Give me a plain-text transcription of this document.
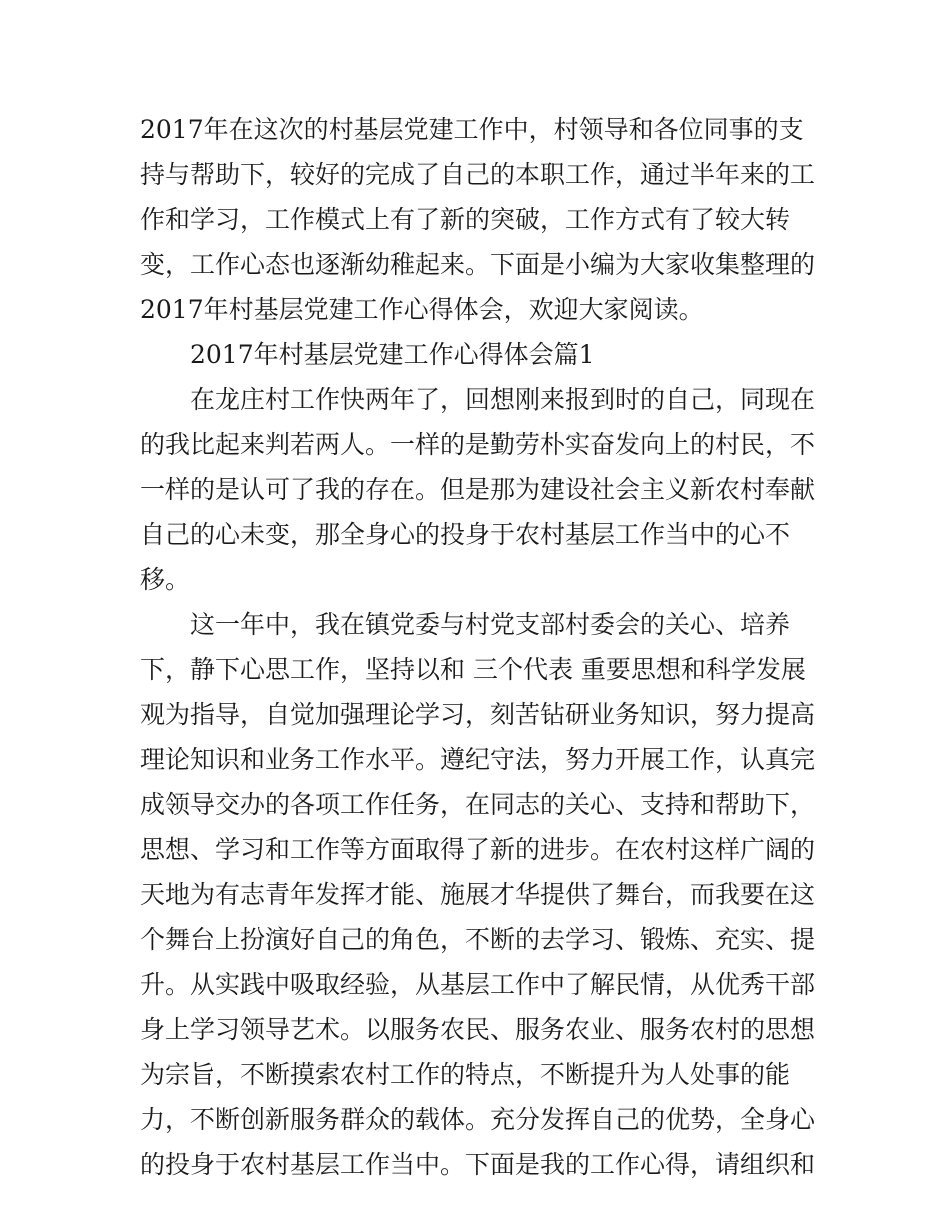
2017年在这次的村基层党建工作中，村领导和各位同事的支
持与帮助下，较好的完成了自己的本职工作，通过半年来的工
作和学习，工作模式上有了新的突破，工作方式有了较大转
变，工作心态也逐渐幼稚起来。下面是小编为大家收集整理的
2017年村基层党建工作心得体会，欢迎大家阅读。
2017年村基层党建工作心得体会篇1
在龙庄村工作快两年了，回想刚来报到时的自己，同现在
的我比起来判若两人。一样的是勤劳朴实奋发向上的村民，不
一样的是认可了我的存在。但是那为建设社会主义新农村奉献
自己的心未变，那全身心的投身于农村基层工作当中的心不
移。
这一年中，我在镇党委与村党支部村委会的关心、培养
下，静下心思工作，坚持以和 三个代表 重要思想和科学发展
观为指导，自觉加强理论学习，刻苦钻研业务知识，努力提高
理论知识和业务工作水平。遵纪守法，努力开展工作，认真完
成领导交办的各项工作任务，在同志的关心、支持和帮助下，
思想、学习和工作等方面取得了新的进步。在农村这样广阔的
天地为有志青年发挥才能、施展才华提供了舞台，而我要在这
个舞台上扮演好自己的角色，不断的去学习、锻炼、充实、提
升。从实践中吸取经验，从基层工作中了解民情，从优秀干部
身上学习领导艺术。以服务农民、服务农业、服务农村的思想
为宗旨，不断摸索农村工作的特点，不断提升为人处事的能
力，不断创新服务群众的载体。充分发挥自己的优势，全身心
的投身于农村基层工作当中。下面是我的工作心得，请组织和
